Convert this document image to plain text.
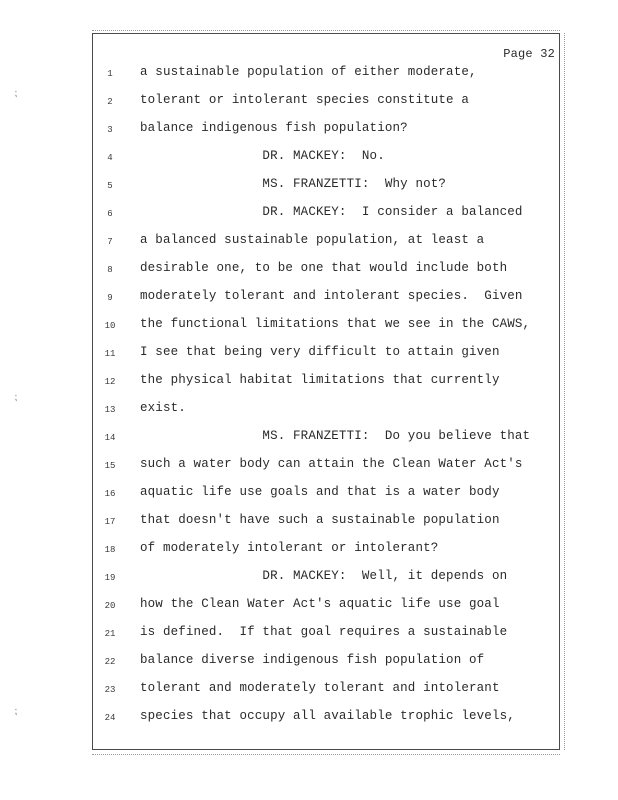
⁏
⁏
⁏
Page 32
1	a sustainable population of either moderate,
2	tolerant or intolerant species constitute a
3	balance indigenous fish population?
4	DR. MACKEY:  No.
5	MS. FRANZETTI:  Why not?
6	DR. MACKEY:  I consider a balanced
7	a balanced sustainable population, at least a
8	desirable one, to be one that would include both
9	moderately tolerant and intolerant species.  Given
10	the functional limitations that we see in the CAWS,
11	I see that being very difficult to attain given
12	the physical habitat limitations that currently
13	exist.
14	MS. FRANZETTI:  Do you believe that
15	such a water body can attain the Clean Water Act's
16	aquatic life use goals and that is a water body
17	that doesn't have such a sustainable population
18	of moderately intolerant or intolerant?
19	DR. MACKEY:  Well, it depends on
20	how the Clean Water Act's aquatic life use goal
21	is defined.  If that goal requires a sustainable
22	balance diverse indigenous fish population of
23	tolerant and moderately tolerant and intolerant
24	species that occupy all available trophic levels,
